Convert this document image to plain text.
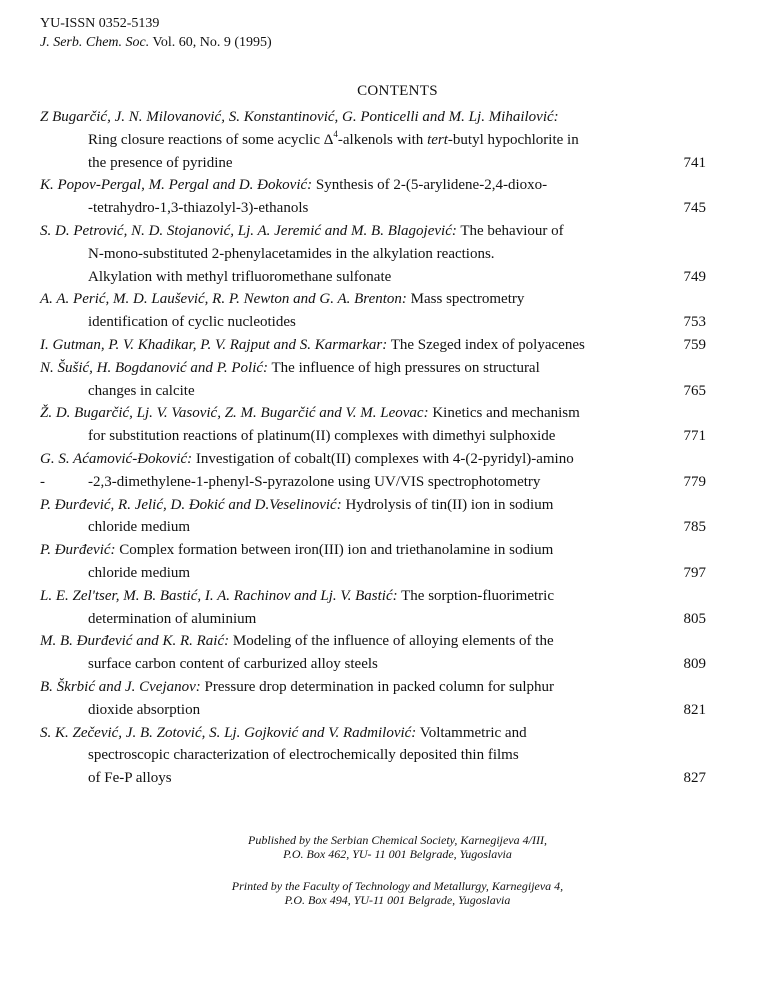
YU-ISSN 0352-5139
J. Serb. Chem. Soc. Vol. 60, No. 9 (1995)
CONTENTS
Z Bugarčić, J. N. Milovanović, S. Konstantinović, G. Ponticelli and M. Lj. Mihailović:
Ring closure reactions of some acyclic $\Delta^4$-alkenols with tert-butyl hypochlorite in
the presence of pyridine	741
K. Popov-Pergal, M. Pergal and D. Đoković: Synthesis of 2-(5-arylidene-2,4-dioxo-
-tetrahydro-1,3-thiazolyl-3)-ethanols	745
S. D. Petrović, N. D. Stojanović, Lj. A. Jeremić and M. B. Blagojević: The behaviour of
N-mono-substituted 2-phenylacetamides in the alkylation reactions.
Alkylation with methyl trifluoromethane sulfonate	749
A. A. Perić, M. D. Laušević, R. P. Newton and G. A. Brenton: Mass spectrometry
identification of cyclic nucleotides	753
I. Gutman, P. V. Khadikar, P. V. Rajput and S. Karmarkar: The Szeged index of polyacenes	759
N. Šušić, H. Bogdanović and P. Polić: The influence of high pressures on structural
changes in calcite	765
Ž. D. Bugarčić, Lj. V. Vasović, Z. M. Bugarčić and V. M. Leovac: Kinetics and mechanism
for substitution reactions of platinum(II) complexes with dimethyi sulphoxide	771
G. S. Aćamović-Đoković: Investigation of cobalt(II) complexes with 4-(2-pyridyl)-amino
-	-2,3-dimethylene-1-phenyl-S-pyrazolone using UV/VIS spectrophotometry	779
P. Đurđević, R. Jelić, D. Đokić and D.Veselinović: Hydrolysis of tin(II) ion in sodium
chloride medium	785
P. Đurđević: Complex formation between iron(III) ion and triethanolamine in sodium
chloride medium	797
L. E. Zel'tser, M. B. Bastić, I. A. Rachinov and Lj. V. Bastić: The sorption-fluorimetric
determination of aluminium	805
M. B. Đurđević and K. R. Raić: Modeling of the influence of alloying elements of the
surface carbon content of carburized alloy steels	809
B. Škrbić and J. Cvejanov: Pressure drop determination in packed column for sulphur
dioxide absorption	821
S. K. Zečević, J. B. Zotović, S. Lj. Gojković and V. Radmilović: Voltammetric and
spectroscopic characterization of electrochemically deposited thin films
of Fe-P alloys	827
Published by the Serbian Chemical Society, Karnegijeva 4/III,
P.O. Box 462, YU- 11 001 Belgrade, Yugoslavia
Printed by the Faculty of Technology and Metallurgy, Karnegijeva 4,
P.O. Box 494, YU-11 001 Belgrade, Yugoslavia
